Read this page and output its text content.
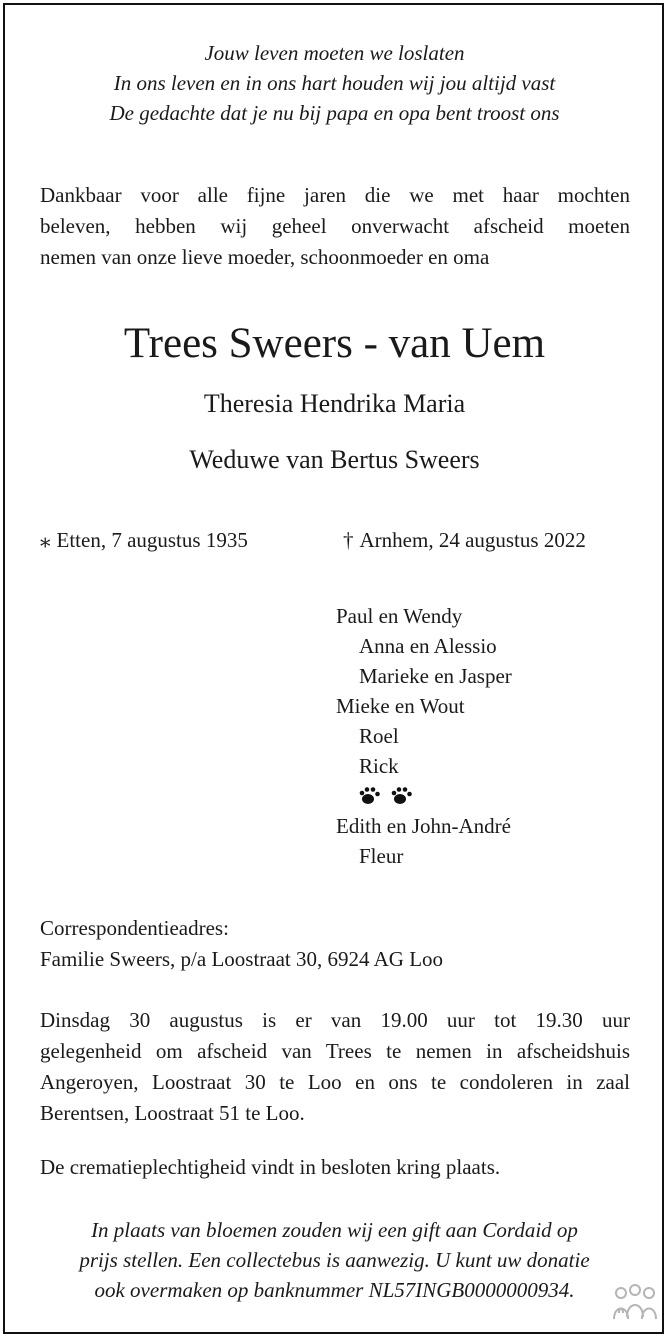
Jouw leven moeten we loslaten
In ons leven en in ons hart houden wij jou altijd vast
De gedachte dat je nu bij papa en opa bent troost ons
Dankbaar voor alle fijne jaren die we met haar mochten
beleven, hebben wij geheel onverwacht afscheid moeten
nemen van onze lieve moeder, schoonmoeder en oma
Trees Sweers - van Uem
Theresia Hendrika Maria
Weduwe van Bertus Sweers
⁎ Etten, 7 augustus 1935	† Arnhem, 24 augustus 2022
Paul en Wendy
Anna en Alessio
Marieke en Jasper
Mieke en Wout
Roel
Rick
Edith en John-André
Fleur
Correspondentieadres:
Familie Sweers, p/a Loostraat 30, 6924 AG Loo
Dinsdag 30 augustus is er van 19.00 uur tot 19.30 uur
gelegenheid om afscheid van Trees te nemen in afscheidshuis
Angeroyen, Loostraat 30 te Loo en ons te condoleren in zaal
Berentsen, Loostraat 51 te Loo.
De crematieplechtigheid vindt in besloten kring plaats.
In plaats van bloemen zouden wij een gift aan Cordaid op
prijs stellen. Een collectebus is aanwezig. U kunt uw donatie
ook overmaken op banknummer NL57INGB0000000934.
